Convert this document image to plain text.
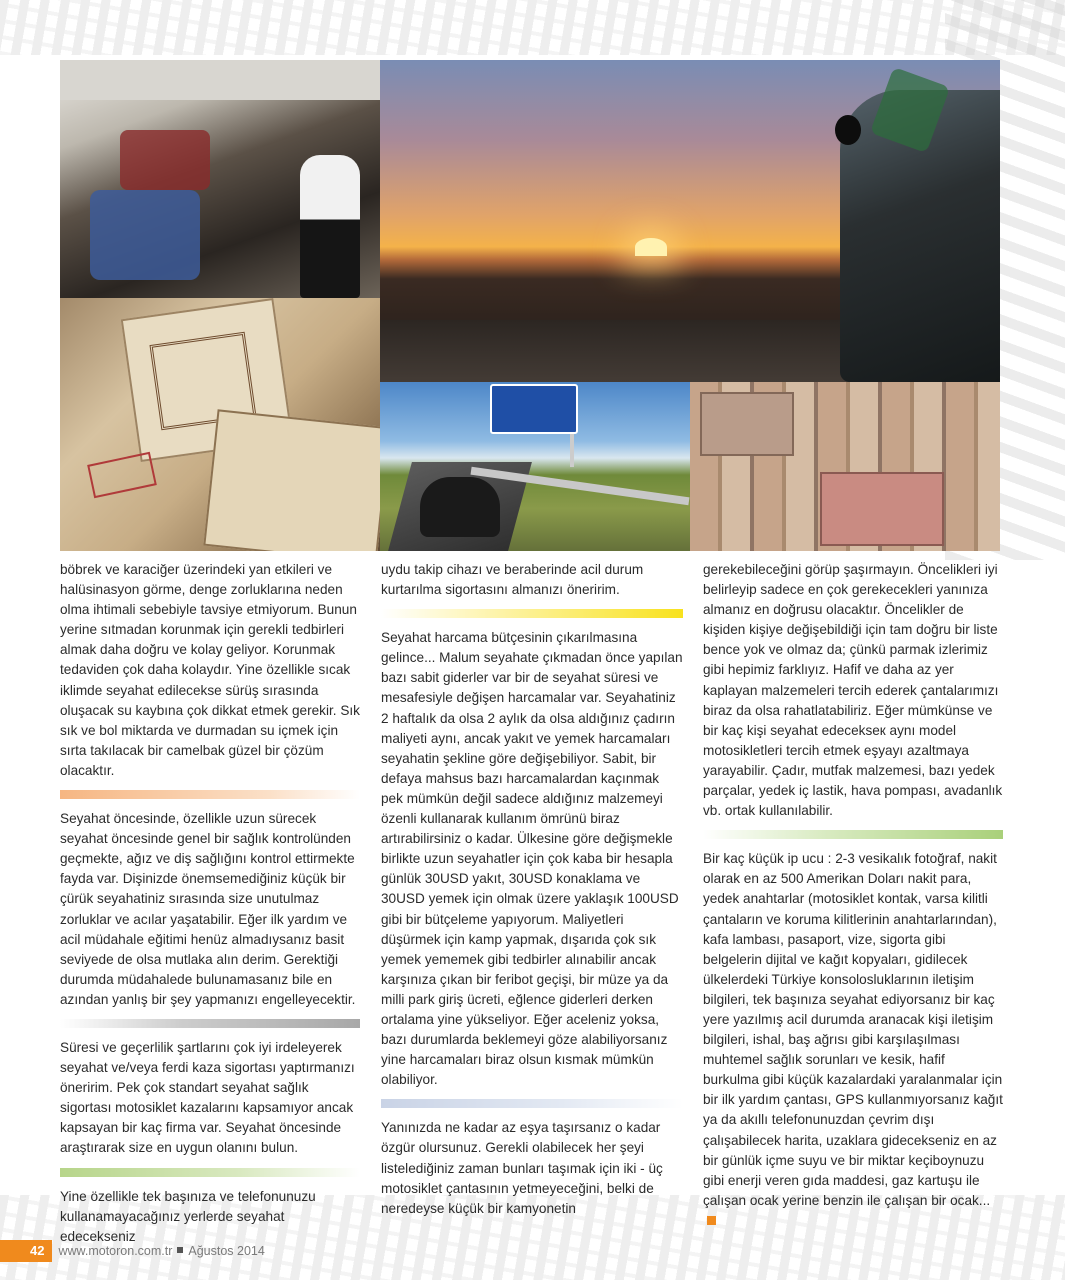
böbrek ve karaciğer üzerindeki yan etkileri ve halüsinasyon görme, denge zorluklarına neden olma ihtimali sebebiyle tavsiye etmiyorum. Bunun yerine sıtmadan korunmak için gerekli tedbirleri almak daha doğru ve kolay geliyor. Korunmak tedaviden çok daha kolaydır. Yine özellikle sıcak iklimde seyahat edilecekse sürüş sırasında oluşacak su kaybına çok dikkat etmek gerekir. Sık sık ve bol miktarda ve durmadan su içmek için sırta takılacak bir camelbak güzel bir çözüm olacaktır.

Seyahat öncesinde, özellikle uzun sürecek seyahat öncesinde genel bir sağlık kontrolünden geçmekte, ağız ve diş sağlığını kontrol ettirmekte fayda var. Dişinizde önemsemediğiniz küçük bir çürük seyahatiniz sırasında size unutulmaz zorluklar ve acılar yaşatabilir. Eğer ilk yardım ve acil müdahale eğitimi henüz almadıysanız basit seviyede de olsa mutlaka alın derim. Gerektiği durumda müdahalede bulunamasanız bile en azından yanlış bir şey yapmanızı engelleyecektir.

Süresi ve geçerlilik şartlarını çok iyi irdeleyerek seyahat ve/veya ferdi kaza sigortası yaptırmanızı öneririm. Pek çok standart seyahat sağlık sigortası motosiklet kazalarını kapsamıyor ancak kapsayan bir kaç firma var. Seyahat öncesinde araştırarak size en uygun olanını bulun.

Yine özellikle tek başınıza ve telefonunuzu kullanamayacağınız yerlerde seyahat edecekseniz

uydu takip cihazı ve beraberinde acil durum kurtarılma sigortasını almanızı öneririm.

Seyahat harcama bütçesinin çıkarılmasına gelince... Malum seyahate çıkmadan önce yapılan bazı sabit giderler var bir de seyahat süresi ve mesafesiyle değişen harcamalar var. Seyahatiniz 2 haftalık da olsa 2 aylık da olsa aldığınız çadırın maliyeti aynı, ancak yakıt ve yemek harcamaları seyahatin şekline göre değişebiliyor. Sabit, bir defaya mahsus bazı harcamalardan kaçınmak pek mümkün değil sadece aldığınız malzemeyi özenli kullanarak kullanım ömrünü biraz artırabilirsiniz o kadar. Ülkesine göre değişmekle birlikte uzun seyahatler için çok kaba bir hesapla günlük 30USD yakıt, 30USD konaklama ve 30USD yemek için olmak üzere yaklaşık 100USD gibi bir bütçeleme yapıyorum. Maliyetleri düşürmek için kamp yapmak, dışarıda çok sık yemek yememek gibi tedbirler alınabilir ancak karşınıza çıkan bir feribot geçişi, bir müze ya da milli park giriş ücreti, eğlence giderleri derken ortalama yine yükseliyor. Eğer aceleniz yoksa, bazı durumlarda beklemeyi göze alabiliyorsanız yine harcamaları biraz olsun kısmak mümkün olabiliyor.

Yanınızda ne kadar az eşya taşırsanız o kadar özgür olursunuz. Gerekli olabilecek her şeyi listelediğiniz zaman bunları taşımak için iki - üç motosiklet çantasının yetmeyeceğini, belki de neredeyse küçük bir kamyonetin

gerekebileceğini görüp şaşırmayın. Öncelikleri iyi belirleyip sadece en çok gerekecekleri yanınıza almanız en doğrusu olacaktır. Öncelikler de kişiden kişiye değişebildiği için tam doğru bir liste bence yok ve olmaz da; çünkü parmak izlerimiz gibi hepimiz farklıyız. Hafif ve daha az yer kaplayan malzemeleri tercih ederek çantalarımızı biraz da olsa rahatlatabiliriz. Eğer mümkünse ve bir kaç kişi seyahat edecekseк aynı model motosikletleri tercih etmek eşyayı azaltmaya yarayabilir. Çadır, mutfak malzemesi, bazı yedek parçalar, yedek iç lastik, hava pompası, avadanlık vb. ortak kullanılabilir.

Bir kaç küçük ip ucu : 2-3 vesikalık fotoğraf, nakit olarak en az 500 Amerikan Doları nakit para, yedek anahtarlar (motosiklet kontak, varsa kilitli çantaların ve koruma kilitlerinin anahtarlarından), kafa lambası, pasaport, vize, sigorta gibi belgelerin dijital ve kağıt kopyaları, gidilecek ülkelerdeki Türkiye konsolosluklarının iletişim bilgileri, tek başınıza seyahat ediyorsanız bir kaç yere yazılmış acil durumda aranacak kişi iletişim bilgileri, ishal, baş ağrısı gibi karşılaşılması muhtemel sağlık sorunları ve kesik, hafif burkulma gibi küçük kazalardaki yaralanmalar için bir ilk yardım çantası, GPS kullanmıyorsanız kağıt ya da akıllı telefonunuzdan çevrim dışı çalışabilecek harita, uzaklara gidecekseniz en az bir günlük içme suyu ve bir miktar keçiboynuzu gibi enerji veren gıda maddesi, gaz kartuşu ile çalışan ocak yerine benzin ile çalışan bir ocak...

42	www.motoron.com.tr Ağustos 2014
